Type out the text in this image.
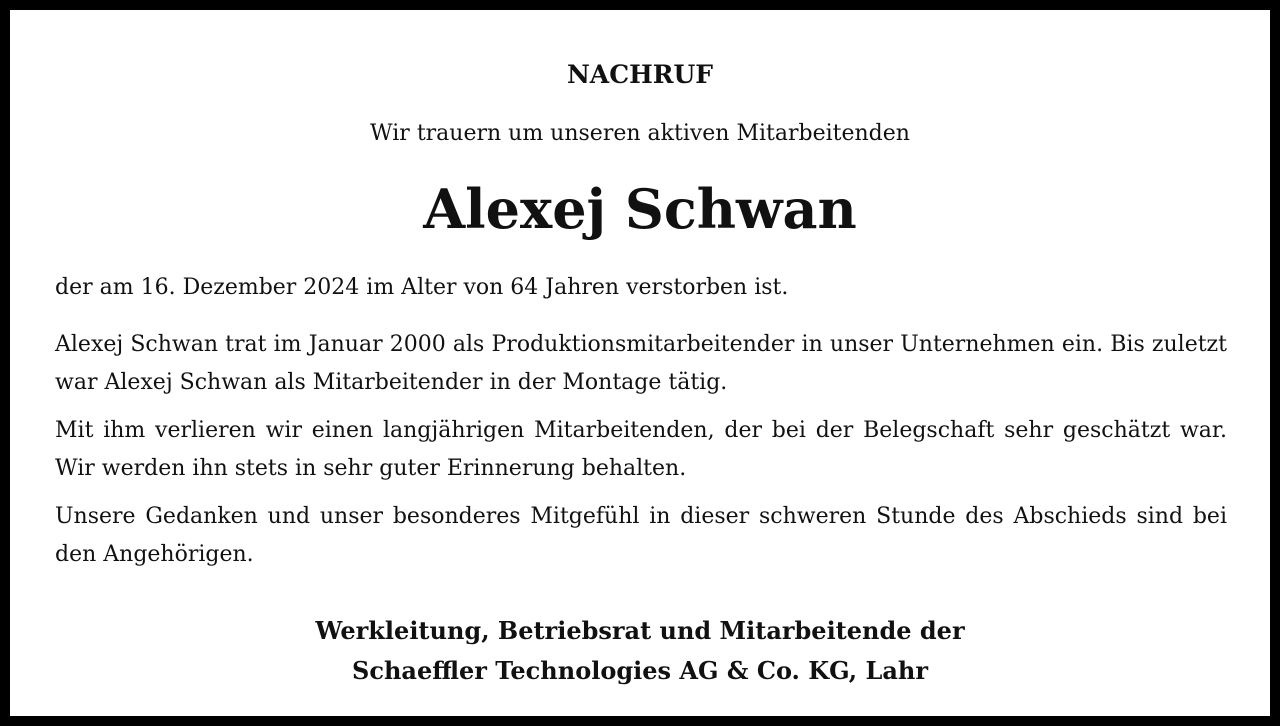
NACHRUF
Wir trauern um unseren aktiven Mitarbeitenden
Alexej Schwan

der am 16. Dezember 2024 im Alter von 64 Jahren verstorben ist.

Alexej Schwan trat im Januar 2000 als Produktionsmitarbeitender in unser Unternehmen ein. Bis zuletzt war Alexej Schwan als Mitarbeitender in der Montage tätig.

Mit ihm verlieren wir einen langjährigen Mitarbeitenden, der bei der Belegschaft sehr geschätzt war. Wir werden ihn stets in sehr guter Erinnerung behalten.

Unsere Gedanken und unser besonderes Mitgefühl in dieser schweren Stunde des Abschieds sind bei den Angehörigen.

Werkleitung, Betriebsrat und Mitarbeitende der
Schaeffler Technologies AG & Co. KG, Lahr
